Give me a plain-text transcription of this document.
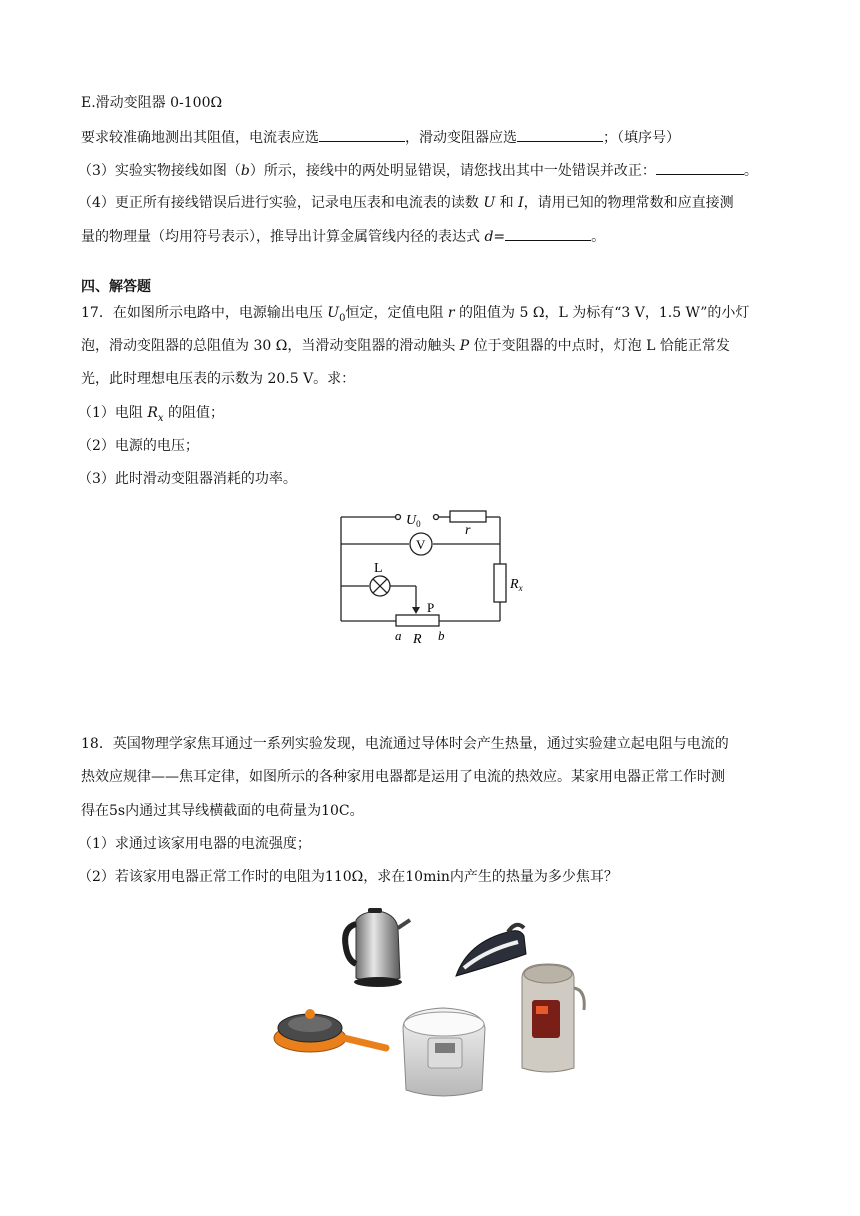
E.滑动变阻器 0-100Ω
要求较准确地测出其阻值，电流表应选	，滑动变阻器应选	；（填序号）
（3）实验实物接线如图（b）所示，接线中的两处明显错误，请您找出其中一处错误并改正：	。
（4）更正所有接线错误后进行实验，记录电压表和电流表的读数 U 和 I，请用已知的物理常数和应直接测
量的物理量（均用符号表示），推导出计算金属管线内径的表达式 d=	。
四、解答题
17．在如图所示电路中，电源输出电压 $U_0$恒定，定值电阻 r 的阻值为 5 Ω，L 为标有“3 V，1.5 W”的小灯
泡，滑动变阻器的总阻值为 30 Ω，当滑动变阻器的滑动触头 P 位于变阻器的中点时，灯泡 L 恰能正常发
光，此时理想电压表的示数为 20.5 V。求：
（1）电阻 $R_x$ 的阻值；
（2）电源的电压；
（3）此时滑动变阻器消耗的功率。
$U_0$	r
V
L
$R_x$
P
a R b
18．英国物理学家焦耳通过一系列实验发现，电流通过导体时会产生热量，通过实验建立起电阻与电流的
热效应规律——焦耳定律，如图所示的各种家用电器都是运用了电流的热效应。某家用电器正常工作时测
得在5s内通过其导线横截面的电荷量为10C。
（1）求通过该家用电器的电流强度；
（2）若该家用电器正常工作时的电阻为110Ω，求在10min内产生的热量为多少焦耳？
